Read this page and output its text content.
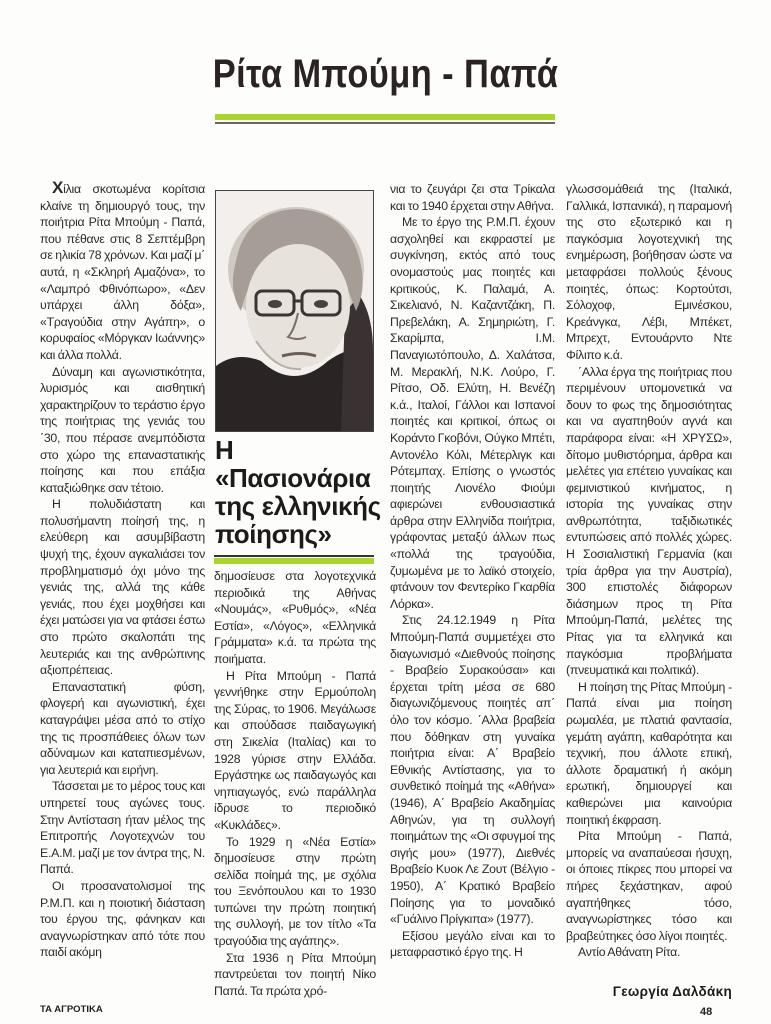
Ρίτα Μπούμη - Παπά

Χίλια σκοτωμένα κορίτσια κλαίνε τη δημιουργό τους, την ποιήτρια Ρίτα Μπούμη - Παπά, που πέθανε στις 8 Σεπτέμβρη σε ηλικία 78 χρόνων. Και μαζί μ΄ αυτά, η «Σκληρή Αμαζόνα», το «Λαμπρό Φθινόπωρο», «Δεν υπάρχει άλλη δόξα», «Τραγούδια στην Αγάπη», ο κορυφαίος «Μόργκαν Ιωάννης» και άλλα πολλά.

Δύναμη και αγωνιστικότητα, λυρισμός και αισθητική χαρακτηρίζουν το τεράστιο έργο της ποιήτριας της γενιάς του ΄30, που πέρασε ανεμπόδιστα στο χώρο της επαναστατικής ποίησης και που επάξια καταξιώθηκε σαν τέτοιο.

Η πολυδιάστατη και πολυσήμαντη ποίησή της, η ελεύθερη και ασυμβίβαστη ψυχή της, έχουν αγκαλιάσει τον προβληματισμό όχι μόνο της γενιάς της, αλλά της κάθε γενιάς, που έχει μοχθήσει και έχει ματώσει για να φτάσει έστω στο πρώτο σκαλοπάτι της λευτεριάς και της ανθρώπινης αξιοπρέπειας.

Επαναστατική φύση, φλογερή και αγωνιστική, έχει καταγράψει μέσα από το στίχο της τις προσπάθειες όλων των αδύναμων και καταπιεσμένων, για λευτεριά και ειρήνη.

Τάσσεται με το μέρος τους και υπηρετεί τους αγώνες τους. Στην Αντίσταση ήταν μέλος της Επιτροπής Λογοτεχνών του Ε.Α.Μ. μαζί με τον άντρα της, Ν. Παπά.

Οι προσανατολισμοί της Ρ.Μ.Π. και η ποιοτική διάσταση του έργου της, φάνηκαν και αναγνωρίστηκαν από τότε που παιδί ακόμη

Η «Πασιονάρια της ελληνικής ποίησης»

δημοσίευσε στα λογοτεχνικά περιοδικά της Αθήνας «Νουμάς», «Ρυθμός», «Νέα Εστία», «Λόγος», «Ελληνικά Γράμματα» κ.ά. τα πρώτα της ποιήματα.

Η Ρίτα Μπούμη - Παπά γεννήθηκε στην Ερμούπολη της Σύρας, το 1906. Μεγάλωσε και σπούδασε παιδαγωγική στη Σικελία (Ιταλίας) και το 1928 γύρισε στην Ελλάδα. Εργάστηκε ως παιδαγωγός και νηπιαγωγός, ενώ παράλληλα ίδρυσε το περιοδικό «Κυκλάδες».

Το 1929 η «Νέα Εστία» δημοσίευσε στην πρώτη σελίδα ποίημά της, με σχόλια του Ξενόπουλου και το 1930 τυπώνει την πρώτη ποιητική της συλλογή, με τον τίτλο «Τα τραγούδια της αγάπης».

Στα 1936 η Ρίτα Μπούμη παντρεύεται τον ποιητή Νίκο Παπά. Τα πρώτα χρό-

νια το ζευγάρι ζει στα Τρίκαλα και το 1940 έρχεται στην Αθήνα.

Με το έργο της Ρ.Μ.Π. έχουν ασχοληθεί και εκφραστεί με συγκίνηση, εκτός από τους ονομαστούς μας ποιητές και κριτικούς, Κ. Παλαμά, Α. Σικελιανό, Ν. Καζαντζάκη, Π. Πρεβελάκη, Α. Σημηριώτη, Γ. Σκαρίμπα, Ι.Μ. Παναγιωτόπουλο, Δ. Χαλάτσα, Μ. Μερακλή, Ν.Κ. Λούρο, Γ. Ρίτσο, Οδ. Ελύτη, Η. Βενέζη κ.ά., Ιταλοί, Γάλλοι και Ισπανοί ποιητές και κριτικοί, όπως οι Κοράντο Γκοβόνι, Ούγκο Μπέτι, Αντονέλο Κόλι, Μέτερλιγκ και Ρότεμπαχ. Επίσης ο γνωστός ποιητής Λιονέλο Φιούμι αφιερώνει ενθουσιαστικά άρθρα στην Ελληνίδα ποιήτρια, γράφοντας μεταξύ άλλων πως «πολλά της τραγούδια, ζυμωμένα με το λαϊκό στοιχείο, φτάνουν τον Φεντερίκο Γκαρθία Λόρκα».

Στις 24.12.1949 η Ρίτα Μπούμη-Παπά συμμετέχει στο διαγωνισμό «Διεθνούς ποίησης - Βραβείο Συρακούσαι» και έρχεται τρίτη μέσα σε 680 διαγωνιζόμενους ποιητές απ΄ όλο τον κόσμο. ΄Αλλα βραβεία που δόθηκαν στη γυναίκα ποιήτρια είναι: Α΄ Βραβείο Εθνικής Αντίστασης, για το συνθετικό ποίημά της «Αθήνα» (1946), Α΄ Βραβείο Ακαδημίας Αθηνών, για τη συλλογή ποιημάτων της «Οι σφυγμοί της σιγής μου» (1977), Διεθνές Βραβείο Κυοκ Λε Ζουτ (Βέλγιο - 1950), Α΄ Κρατικό Βραβείο Ποίησης για το μοναδικό «Γυάλινο Πρίγκιπα» (1977).

Εξίσου μεγάλο είναι και το μεταφραστικό έργο της. Η

γλωσσομάθειά της (Ιταλικά, Γαλλικά, Ισπανικά), η παραμονή της στο εξωτερικό και η παγκόσμια λογοτεχνική της ενημέρωση, βοήθησαν ώστε να μεταφράσει πολλούς ξένους ποιητές, όπως: Κορτούτσι, Σόλοχοφ, Εμινέσκου, Κρεάνγκα, Λέβι, Μπέκετ, Μπρεχτ, Εντουάρντο Ντε Φίλιπο κ.ά.

΄Αλλα έργα της ποιήτριας που περιμένουν υπομονετικά να δουν το φως της δημοσιότητας και να αγαπηθούν αγνά και παράφορα είναι: «Η ΧΡΥΣΩ», δίτομο μυθιστόρημα, άρθρα και μελέτες για επέτειο γυναίκας και φεμινιστικού κινήματος, η ιστορία της γυναίκας στην ανθρωπότητα, ταξιδιωτικές εντυπώσεις από πολλές χώρες. Η Σοσιαλιστική Γερμανία (και τρία άρθρα για την Αυστρία), 300 επιστολές διάφορων διάσημων προς τη Ρίτα Μπούμη-Παπά, μελέτες της Ρίτας για τα ελληνικά και παγκόσμια προβλήματα (πνευματικά και πολιτικά).

Η ποίηση της Ρίτας Μπούμη - Παπά είναι μια ποίηση ρωμαλέα, με πλατιά φαντασία, γεμάτη αγάπη, καθαρότητα και τεχνική, που άλλοτε επική, άλλοτε δραματική ή ακόμη ερωτική, δημιουργεί και καθιερώνει μια καινούρια ποιητική έκφραση.

Ρίτα Μπούμη - Παπά, μπορείς να αναπαύεσαι ήσυχη, οι όποιες πίκρες που μπορεί να πήρες ξεχάστηκαν, αφού αγαπήθηκες τόσο, αναγνωρίστηκες τόσο και βραβεύτηκες όσο λίγοι ποιητές.

Αντίο Αθάνατη Ρίτα.

Γεωργία Δαλδάκη
ΤΑ ΑΓΡΟΤΙΚΑ	48
